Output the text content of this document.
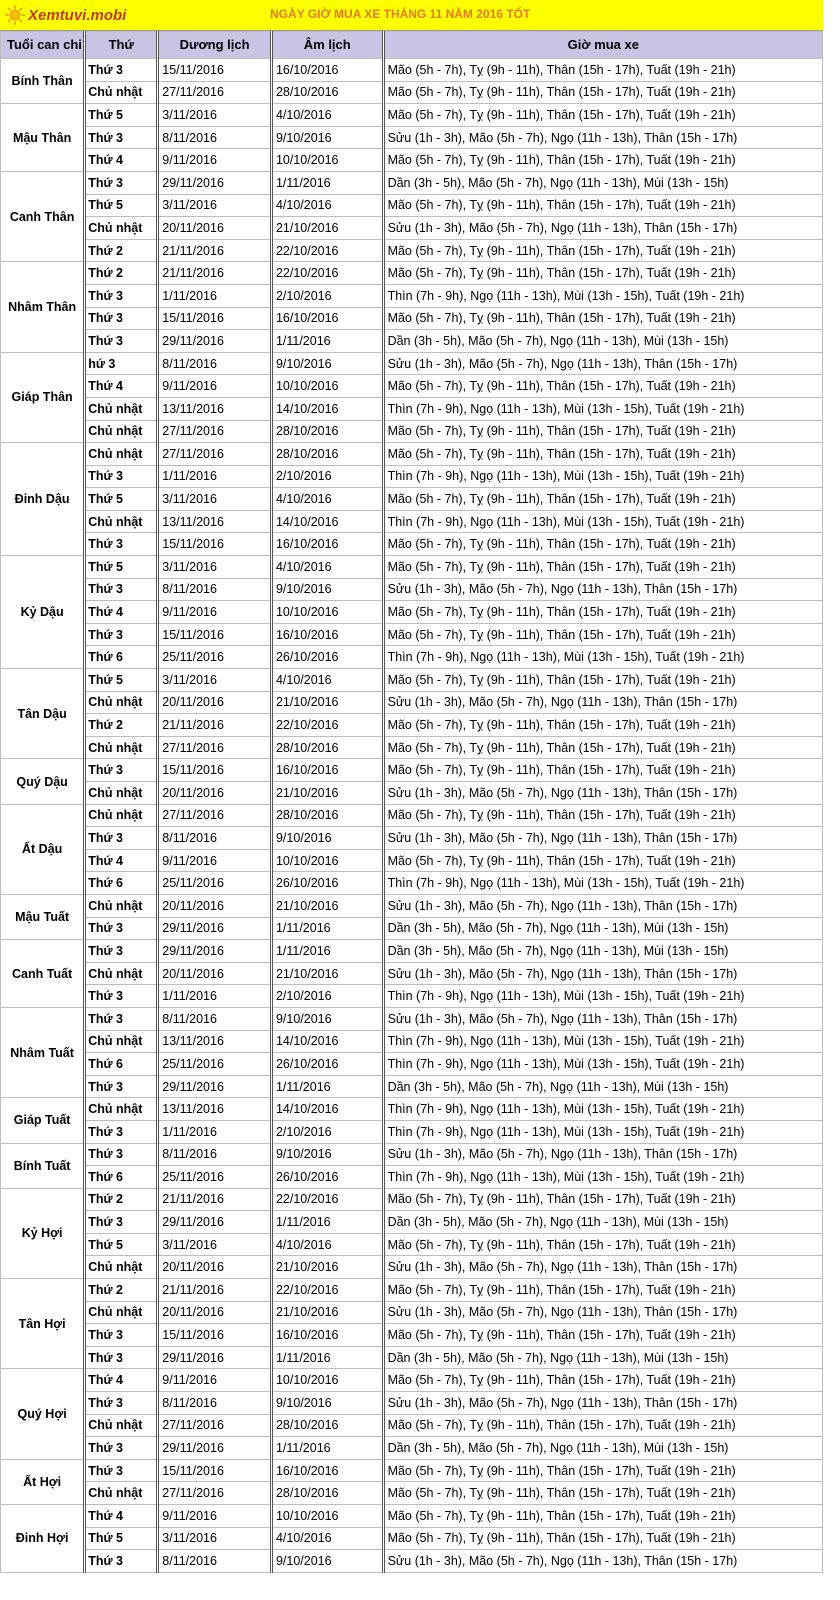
Xemtuvi.mobi	NGÀY GIỜ MUA XE THÁNG 11 NĂM 2016 TỐT
Tuổi can chi	Thứ	Dương lịch	Âm lịch	Giờ mua xe
Bính Thân	Thứ 3	15/11/2016	16/10/2016	Mão (5h - 7h), Tỵ (9h - 11h), Thân (15h - 17h), Tuất (19h - 21h)
	Chủ nhật	27/11/2016	28/10/2016	Mão (5h - 7h), Tỵ (9h - 11h), Thân (15h - 17h), Tuất (19h - 21h)
Mậu Thân	Thứ 5	3/11/2016	4/10/2016	Mão (5h - 7h), Tỵ (9h - 11h), Thân (15h - 17h), Tuất (19h - 21h)
	Thứ 3	8/11/2016	9/10/2016	Sửu (1h - 3h), Mão (5h - 7h), Ngọ (11h - 13h), Thân (15h - 17h)
	Thứ 4	9/11/2016	10/10/2016	Mão (5h - 7h), Tỵ (9h - 11h), Thân (15h - 17h), Tuất (19h - 21h)
Canh Thân	Thứ 3	29/11/2016	1/11/2016	Dần (3h - 5h), Mão (5h - 7h), Ngọ (11h - 13h), Mùi (13h - 15h)
	Thứ 5	3/11/2016	4/10/2016	Mão (5h - 7h), Tỵ (9h - 11h), Thân (15h - 17h), Tuất (19h - 21h)
	Chủ nhật	20/11/2016	21/10/2016	Sửu (1h - 3h), Mão (5h - 7h), Ngọ (11h - 13h), Thân (15h - 17h)
	Thứ 2	21/11/2016	22/10/2016	Mão (5h - 7h), Tỵ (9h - 11h), Thân (15h - 17h), Tuất (19h - 21h)
Nhâm Thân	Thứ 2	21/11/2016	22/10/2016	Mão (5h - 7h), Tỵ (9h - 11h), Thân (15h - 17h), Tuất (19h - 21h)
	Thứ 3	1/11/2016	2/10/2016	Thìn (7h - 9h), Ngọ (11h - 13h), Mùi (13h - 15h), Tuất (19h - 21h)
	Thứ 3	15/11/2016	16/10/2016	Mão (5h - 7h), Tỵ (9h - 11h), Thân (15h - 17h), Tuất (19h - 21h)
	Thứ 3	29/11/2016	1/11/2016	Dần (3h - 5h), Mão (5h - 7h), Ngọ (11h - 13h), Mùi (13h - 15h)
Giáp Thân	hứ 3	8/11/2016	9/10/2016	Sửu (1h - 3h), Mão (5h - 7h), Ngọ (11h - 13h), Thân (15h - 17h)
	Thứ 4	9/11/2016	10/10/2016	Mão (5h - 7h), Tỵ (9h - 11h), Thân (15h - 17h), Tuất (19h - 21h)
	Chủ nhật	13/11/2016	14/10/2016	Thìn (7h - 9h), Ngọ (11h - 13h), Mùi (13h - 15h), Tuất (19h - 21h)
	Chủ nhật	27/11/2016	28/10/2016	Mão (5h - 7h), Tỵ (9h - 11h), Thân (15h - 17h), Tuất (19h - 21h)
Đinh Dậu	Chủ nhật	27/11/2016	28/10/2016	Mão (5h - 7h), Tỵ (9h - 11h), Thân (15h - 17h), Tuất (19h - 21h)
	Thứ 3	1/11/2016	2/10/2016	Thìn (7h - 9h), Ngọ (11h - 13h), Mùi (13h - 15h), Tuất (19h - 21h)
	Thứ 5	3/11/2016	4/10/2016	Mão (5h - 7h), Tỵ (9h - 11h), Thân (15h - 17h), Tuất (19h - 21h)
	Chủ nhật	13/11/2016	14/10/2016	Thìn (7h - 9h), Ngọ (11h - 13h), Mùi (13h - 15h), Tuất (19h - 21h)
	Thứ 3	15/11/2016	16/10/2016	Mão (5h - 7h), Tỵ (9h - 11h), Thân (15h - 17h), Tuất (19h - 21h)
Kỷ Dậu	Thứ 5	3/11/2016	4/10/2016	Mão (5h - 7h), Tỵ (9h - 11h), Thân (15h - 17h), Tuất (19h - 21h)
	Thứ 3	8/11/2016	9/10/2016	Sửu (1h - 3h), Mão (5h - 7h), Ngọ (11h - 13h), Thân (15h - 17h)
	Thứ 4	9/11/2016	10/10/2016	Mão (5h - 7h), Tỵ (9h - 11h), Thân (15h - 17h), Tuất (19h - 21h)
	Thứ 3	15/11/2016	16/10/2016	Mão (5h - 7h), Tỵ (9h - 11h), Thân (15h - 17h), Tuất (19h - 21h)
	Thứ 6	25/11/2016	26/10/2016	Thìn (7h - 9h), Ngọ (11h - 13h), Mùi (13h - 15h), Tuất (19h - 21h)
Tân Dậu	Thứ 5	3/11/2016	4/10/2016	Mão (5h - 7h), Tỵ (9h - 11h), Thân (15h - 17h), Tuất (19h - 21h)
	Chủ nhật	20/11/2016	21/10/2016	Sửu (1h - 3h), Mão (5h - 7h), Ngọ (11h - 13h), Thân (15h - 17h)
	Thứ 2	21/11/2016	22/10/2016	Mão (5h - 7h), Tỵ (9h - 11h), Thân (15h - 17h), Tuất (19h - 21h)
	Chủ nhật	27/11/2016	28/10/2016	Mão (5h - 7h), Tỵ (9h - 11h), Thân (15h - 17h), Tuất (19h - 21h)
Quý Dậu	Thứ 3	15/11/2016	16/10/2016	Mão (5h - 7h), Tỵ (9h - 11h), Thân (15h - 17h), Tuất (19h - 21h)
	Chủ nhật	20/11/2016	21/10/2016	Sửu (1h - 3h), Mão (5h - 7h), Ngọ (11h - 13h), Thân (15h - 17h)
Ất Dậu	Chủ nhật	27/11/2016	28/10/2016	Mão (5h - 7h), Tỵ (9h - 11h), Thân (15h - 17h), Tuất (19h - 21h)
	Thứ 3	8/11/2016	9/10/2016	Sửu (1h - 3h), Mão (5h - 7h), Ngọ (11h - 13h), Thân (15h - 17h)
	Thứ 4	9/11/2016	10/10/2016	Mão (5h - 7h), Tỵ (9h - 11h), Thân (15h - 17h), Tuất (19h - 21h)
	Thứ 6	25/11/2016	26/10/2016	Thìn (7h - 9h), Ngọ (11h - 13h), Mùi (13h - 15h), Tuất (19h - 21h)
Mậu Tuất	Chủ nhật	20/11/2016	21/10/2016	Sửu (1h - 3h), Mão (5h - 7h), Ngọ (11h - 13h), Thân (15h - 17h)
	Thứ 3	29/11/2016	1/11/2016	Dần (3h - 5h), Mão (5h - 7h), Ngọ (11h - 13h), Mùi (13h - 15h)
Canh Tuất	Thứ 3	29/11/2016	1/11/2016	Dần (3h - 5h), Mão (5h - 7h), Ngọ (11h - 13h), Mùi (13h - 15h)
	Chủ nhật	20/11/2016	21/10/2016	Sửu (1h - 3h), Mão (5h - 7h), Ngọ (11h - 13h), Thân (15h - 17h)
	Thứ 3	1/11/2016	2/10/2016	Thìn (7h - 9h), Ngọ (11h - 13h), Mùi (13h - 15h), Tuất (19h - 21h)
Nhâm Tuất	Thứ 3	8/11/2016	9/10/2016	Sửu (1h - 3h), Mão (5h - 7h), Ngọ (11h - 13h), Thân (15h - 17h)
	Chủ nhật	13/11/2016	14/10/2016	Thìn (7h - 9h), Ngọ (11h - 13h), Mùi (13h - 15h), Tuất (19h - 21h)
	Thứ 6	25/11/2016	26/10/2016	Thìn (7h - 9h), Ngọ (11h - 13h), Mùi (13h - 15h), Tuất (19h - 21h)
	Thứ 3	29/11/2016	1/11/2016	Dần (3h - 5h), Mão (5h - 7h), Ngọ (11h - 13h), Mùi (13h - 15h)
Giáp Tuất	Chủ nhật	13/11/2016	14/10/2016	Thìn (7h - 9h), Ngọ (11h - 13h), Mùi (13h - 15h), Tuất (19h - 21h)
	Thứ 3	1/11/2016	2/10/2016	Thìn (7h - 9h), Ngọ (11h - 13h), Mùi (13h - 15h), Tuất (19h - 21h)
Bính Tuất	Thứ 3	8/11/2016	9/10/2016	Sửu (1h - 3h), Mão (5h - 7h), Ngọ (11h - 13h), Thân (15h - 17h)
	Thứ 6	25/11/2016	26/10/2016	Thìn (7h - 9h), Ngọ (11h - 13h), Mùi (13h - 15h), Tuất (19h - 21h)
Kỷ Hợi	Thứ 2	21/11/2016	22/10/2016	Mão (5h - 7h), Tỵ (9h - 11h), Thân (15h - 17h), Tuất (19h - 21h)
	Thứ 3	29/11/2016	1/11/2016	Dần (3h - 5h), Mão (5h - 7h), Ngọ (11h - 13h), Mùi (13h - 15h)
	Thứ 5	3/11/2016	4/10/2016	Mão (5h - 7h), Tỵ (9h - 11h), Thân (15h - 17h), Tuất (19h - 21h)
	Chủ nhật	20/11/2016	21/10/2016	Sửu (1h - 3h), Mão (5h - 7h), Ngọ (11h - 13h), Thân (15h - 17h)
Tân Hợi	Thứ 2	21/11/2016	22/10/2016	Mão (5h - 7h), Tỵ (9h - 11h), Thân (15h - 17h), Tuất (19h - 21h)
	Chủ nhật	20/11/2016	21/10/2016	Sửu (1h - 3h), Mão (5h - 7h), Ngọ (11h - 13h), Thân (15h - 17h)
	Thứ 3	15/11/2016	16/10/2016	Mão (5h - 7h), Tỵ (9h - 11h), Thân (15h - 17h), Tuất (19h - 21h)
	Thứ 3	29/11/2016	1/11/2016	Dần (3h - 5h), Mão (5h - 7h), Ngọ (11h - 13h), Mùi (13h - 15h)
Quý Hợi	Thứ 4	9/11/2016	10/10/2016	Mão (5h - 7h), Tỵ (9h - 11h), Thân (15h - 17h), Tuất (19h - 21h)
	Thứ 3	8/11/2016	9/10/2016	Sửu (1h - 3h), Mão (5h - 7h), Ngọ (11h - 13h), Thân (15h - 17h)
	Chủ nhật	27/11/2016	28/10/2016	Mão (5h - 7h), Tỵ (9h - 11h), Thân (15h - 17h), Tuất (19h - 21h)
	Thứ 3	29/11/2016	1/11/2016	Dần (3h - 5h), Mão (5h - 7h), Ngọ (11h - 13h), Mùi (13h - 15h)
Ất Hợi	Thứ 3	15/11/2016	16/10/2016	Mão (5h - 7h), Tỵ (9h - 11h), Thân (15h - 17h), Tuất (19h - 21h)
	Chủ nhật	27/11/2016	28/10/2016	Mão (5h - 7h), Tỵ (9h - 11h), Thân (15h - 17h), Tuất (19h - 21h)
Đinh Hợi	Thứ 4	9/11/2016	10/10/2016	Mão (5h - 7h), Tỵ (9h - 11h), Thân (15h - 17h), Tuất (19h - 21h)
	Thứ 5	3/11/2016	4/10/2016	Mão (5h - 7h), Tỵ (9h - 11h), Thân (15h - 17h), Tuất (19h - 21h)
	Thứ 3	8/11/2016	9/10/2016	Sửu (1h - 3h), Mão (5h - 7h), Ngọ (11h - 13h), Thân (15h - 17h)
